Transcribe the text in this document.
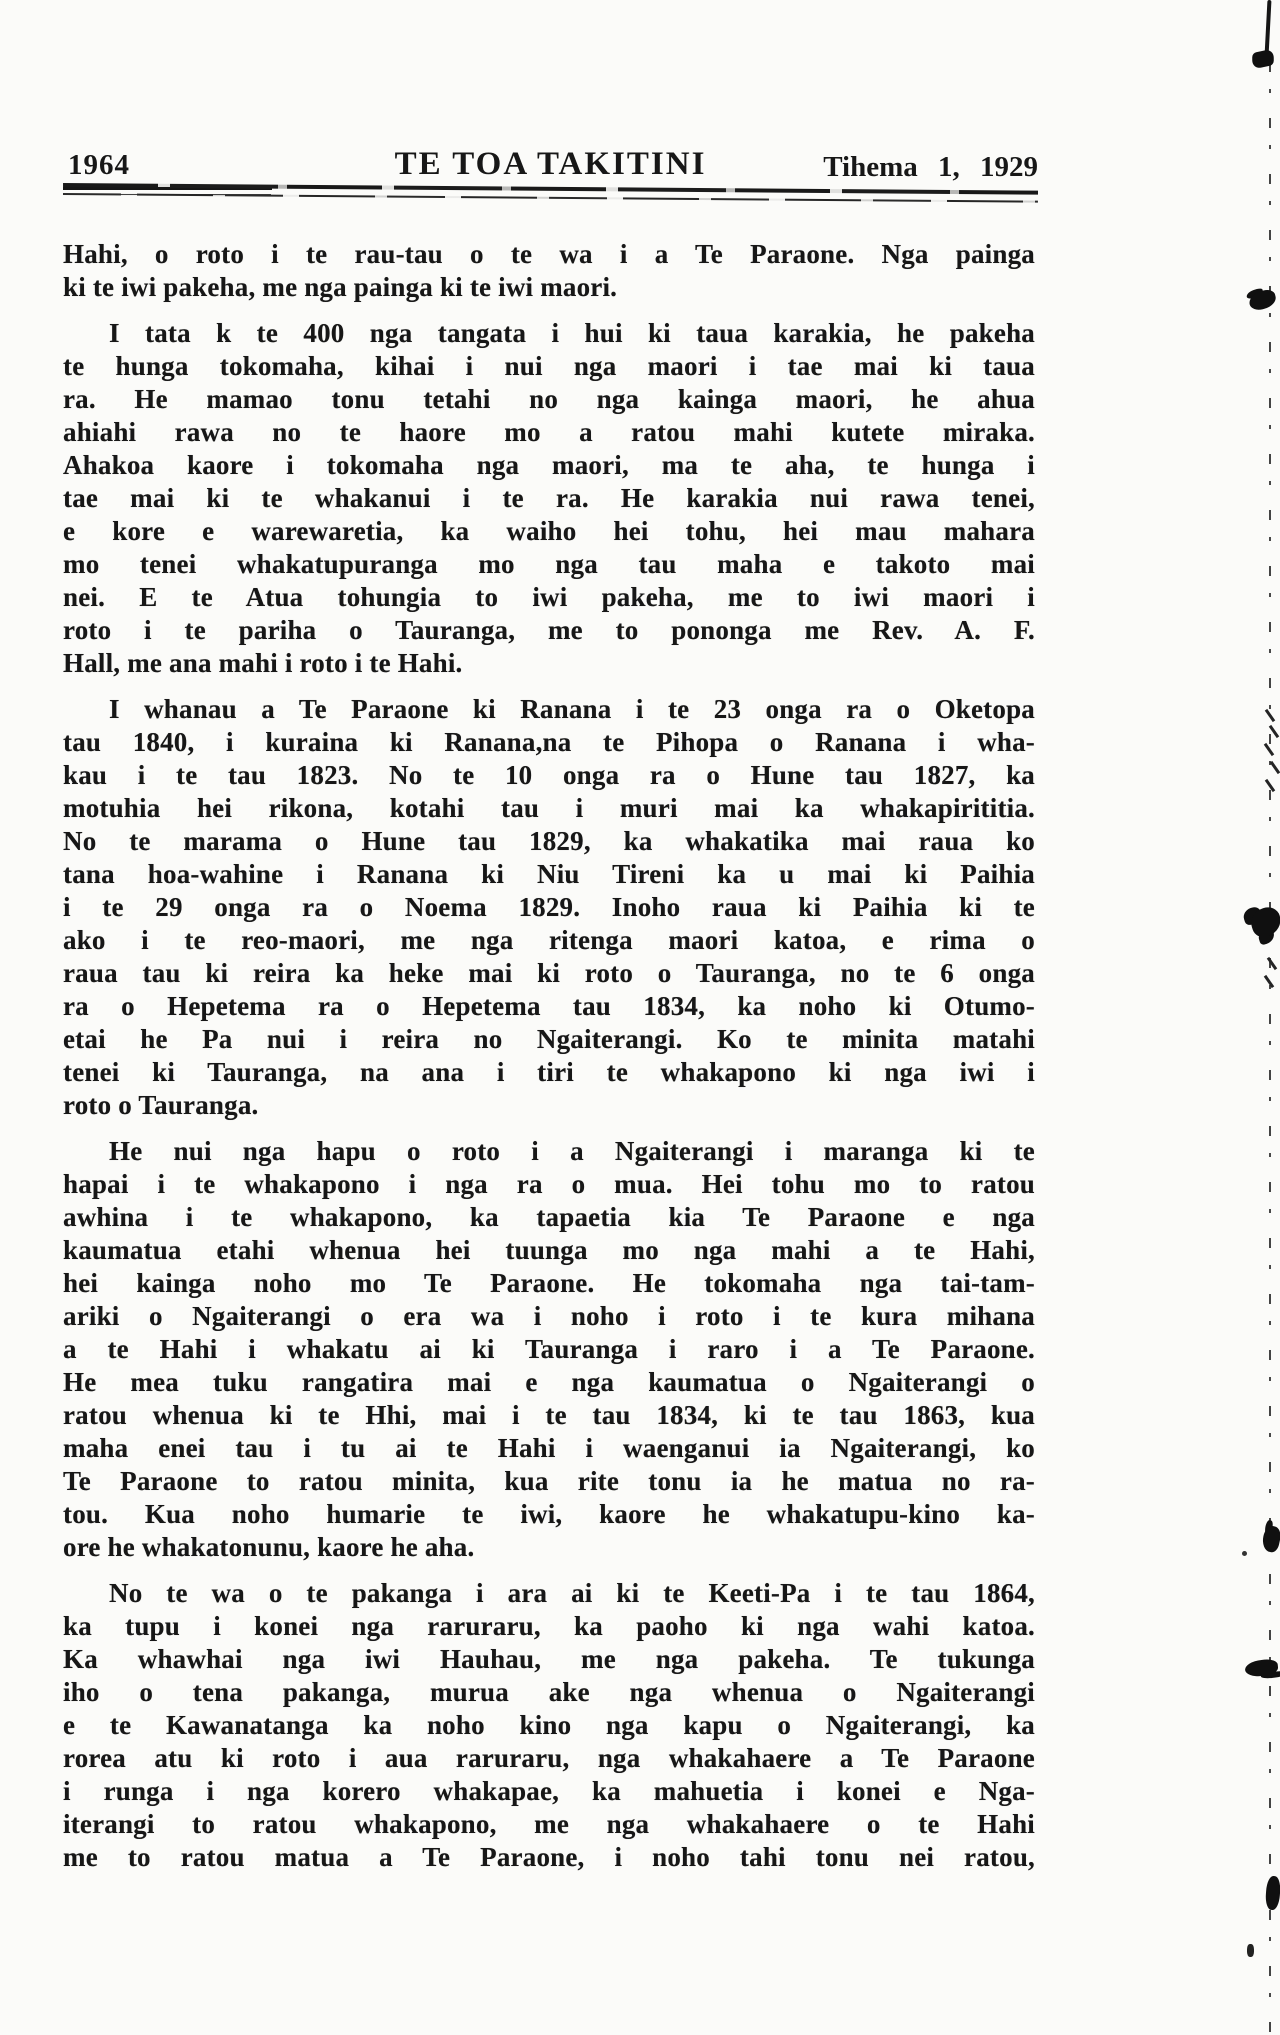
1964	TE TOA TAKITINI	Tihema 1, 1929
Hahi, o roto i te rau-tau o te wa i a Te Paraone. Nga painga
ki te iwi pakeha, me nga painga ki te iwi maori.
I tata k te 400 nga tangata i hui ki taua karakia, he pakeha
te hunga tokomaha, kihai i nui nga maori i tae mai ki taua
ra. He mamao tonu tetahi no nga kainga maori, he ahua
ahiahi rawa no te haore mo a ratou mahi kutete miraka.
Ahakoa kaore i tokomaha nga maori, ma te aha, te hunga i
tae mai ki te whakanui i te ra. He karakia nui rawa tenei,
e kore e warewaretia, ka waiho hei tohu, hei mau mahara
mo tenei whakatupuranga mo nga tau maha e takoto mai
nei. E te Atua tohungia to iwi pakeha, me to iwi maori i
roto i te pariha o Tauranga, me to pononga me Rev. A. F.
Hall, me ana mahi i roto i te Hahi.
I whanau a Te Paraone ki Ranana i te 23 onga ra o Oketopa
tau 1840, i kuraina ki Ranana,na te Pihopa o Ranana i wha-
kau i te tau 1823. No te 10 onga ra o Hune tau 1827, ka
motuhia hei rikona, kotahi tau i muri mai ka whakapirititia.
No te marama o Hune tau 1829, ka whakatika mai raua ko
tana hoa-wahine i Ranana ki Niu Tireni ka u mai ki Paihia
i te 29 onga ra o Noema 1829. Inoho raua ki Paihia ki te
ako i te reo-maori, me nga ritenga maori katoa, e rima o
raua tau ki reira ka heke mai ki roto o Tauranga, no te 6 onga
ra o Hepetema ra o Hepetema tau 1834, ka noho ki Otumo-
etai he Pa nui i reira no Ngaiterangi. Ko te minita matahi
tenei ki Tauranga, na ana i tiri te whakapono ki nga iwi i
roto o Tauranga.
He nui nga hapu o roto i a Ngaiterangi i maranga ki te
hapai i te whakapono i nga ra o mua. Hei tohu mo to ratou
awhina i te whakapono, ka tapaetia kia Te Paraone e nga
kaumatua etahi whenua hei tuunga mo nga mahi a te Hahi,
hei kainga noho mo Te Paraone. He tokomaha nga tai-tam-
ariki o Ngaiterangi o era wa i noho i roto i te kura mihana
a te Hahi i whakatu ai ki Tauranga i raro i a Te Paraone.
He mea tuku rangatira mai e nga kaumatua o Ngaiterangi o
ratou whenua ki te Hhi, mai i te tau 1834, ki te tau 1863, kua
maha enei tau i tu ai te Hahi i waenganui ia Ngaiterangi, ko
Te Paraone to ratou minita, kua rite tonu ia he matua no ra-
tou. Kua noho humarie te iwi, kaore he whakatupu-kino ka-
ore he whakatonunu, kaore he aha.
No te wa o te pakanga i ara ai ki te Keeti-Pa i te tau 1864,
ka tupu i konei nga raruraru, ka paoho ki nga wahi katoa.
Ka whawhai nga iwi Hauhau, me nga pakeha. Te tukunga
iho o tena pakanga, murua ake nga whenua o Ngaiterangi
e te Kawanatanga ka noho kino nga kapu o Ngaiterangi, ka
rorea atu ki roto i aua raruraru, nga whakahaere a Te Paraone
i runga i nga korero whakapae, ka mahuetia i konei e Nga-
iterangi to ratou whakapono, me nga whakahaere o te Hahi
me to ratou matua a Te Paraone, i noho tahi tonu nei ratou,
